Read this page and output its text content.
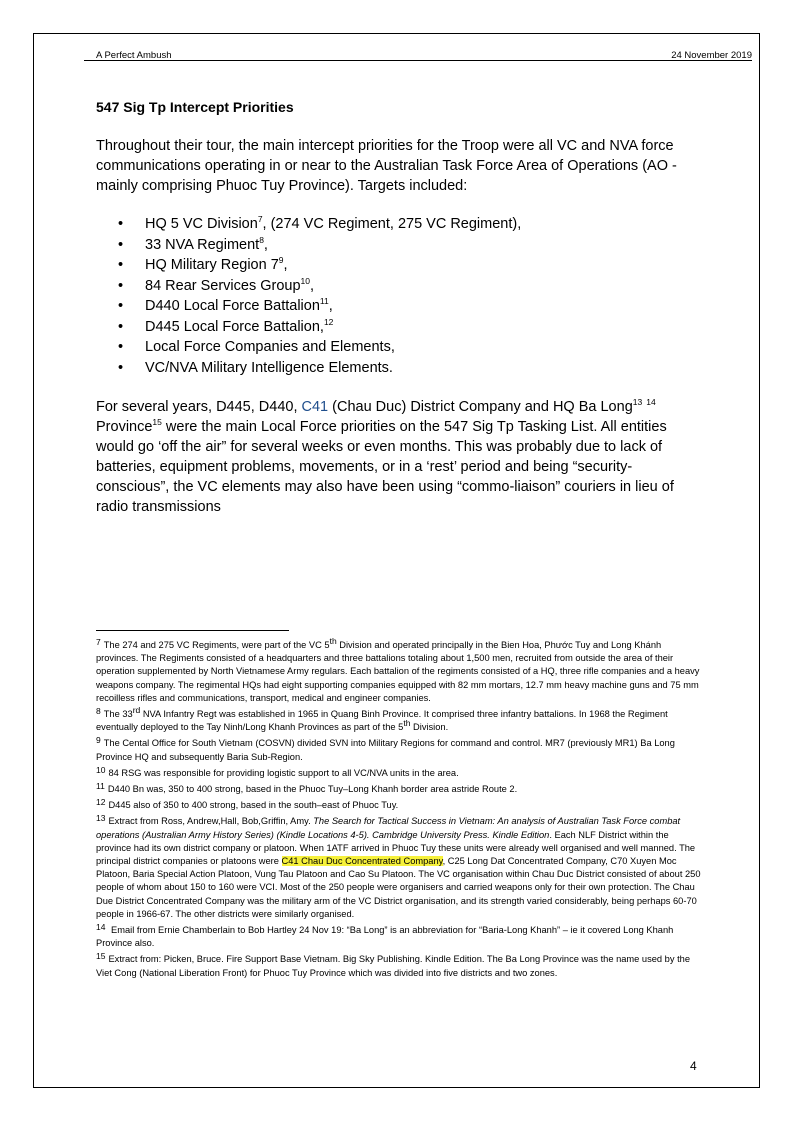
A Perfect Ambush	24 November 2019
547 Sig Tp Intercept Priorities
Throughout their tour, the main intercept priorities for the Troop were all VC and NVA force communications operating in or near to the Australian Task Force Area of Operations (AO - mainly comprising Phuoc Tuy Province). Targets included:
• HQ 5 VC Division$^7$, (274 VC Regiment, 275 VC Regiment),
• 33 NVA Regiment$^8$,
• HQ Military Region $7^9$,
• 84 Rear Services Group$^{10}$,
• D440 Local Force Battalion$^{11}$,
• D445 Local Force Battalion,$^{12}$
• Local Force Companies and Elements,
• VC/NVA Military Intelligence Elements.
For several years, D445, D440, C41 (Chau Duc) District Company and HQ Ba Long$^{13}$ $^{14}$
Province$^{15}$ were the main Local Force priorities on the 547 Sig Tp Tasking List. All entities would go ‘off the air” for several weeks or even months. This was probably due to lack of batteries, equipment problems, movements, or in a ‘rest’ period and being “security-conscious”, the VC elements may also have been using “commo-liaison” couriers in lieu of radio transmissions

7 The 274 and 275 VC Regiments, were part of the VC 5th Division and operated principally in the Bien Hoa, Phước Tuy and Long Khánh provinces. The Regiments consisted of a headquarters and three battalions totaling about 1,500 men, recruited from outside the area of their operation supplemented by North Vietnamese Army regulars. Each battalion of the regiments consisted of a HQ, three rifle companies and a heavy weapons company. The regimental HQs had eight supporting companies equipped with 82 mm mortars, 12.7 mm heavy machine guns and 75 mm recoilless rifles and communications, transport, medical and engineer companies.

8 The 33rd NVA Infantry Regt was established in 1965 in Quang Binh Province. It comprised three infantry battalions. In 1968 the Regiment eventually deployed to the Tay Ninh/Long Khanh Provinces as part of the 5th Division.

9 The Cental Office for South Vietnam (COSVN) divided SVN into Military Regions for command and control. MR7 (previously MR1) Ba Long Province HQ and subsequently Baria Sub-Region.

10 84 RSG was responsible for providing logistic support to all VC/NVA units in the area.

11 D440 Bn was, 350 to 400 strong, based in the Phuoc Tuy–Long Khanh border area astride Route 2.

12 D445 also of 350 to 400 strong, based in the south–east of Phuoc Tuy.

13 Extract from Ross, Andrew,Hall, Bob,Griffin, Amy. The Search for Tactical Success in Vietnam: An analysis of Australian Task Force combat operations (Australian Army History Series) (Kindle Locations 4-5). Cambridge University Press. Kindle Edition. Each NLF District within the province had its own district company or platoon. When 1ATF arrived in Phuoc Tuy these units were already well organised and well manned. The principal district companies or platoons were C41 Chau Duc Concentrated Company, C25 Long Dat Concentrated Company, C70 Xuyen Moc Platoon, Baria Special Action Platoon, Vung Tau Platoon and Cao Su Platoon. The VC organisation within Chau Duc District consisted of about 250 people of whom about 150 to 160 were VCI. Most of the 250 people were organisers and carried weapons only for their own protection. The Chau Due District Concentrated Company was the military arm of the VC District organisation, and its strength varied considerably, being perhaps 60-70 people in 1966-67. The other districts were similarly organised.

14 Email from Ernie Chamberlain to Bob Hartley 24 Nov 19: “Ba Long” is an abbreviation for “Baria-Long Khanh” – ie it covered Long Khanh Province also.

15 Extract from: Picken, Bruce. Fire Support Base Vietnam. Big Sky Publishing. Kindle Edition. The Ba Long Province was the name used by the Viet Cong (National Liberation Front) for Phuoc Tuy Province which was divided into five districts and two zones.

4
